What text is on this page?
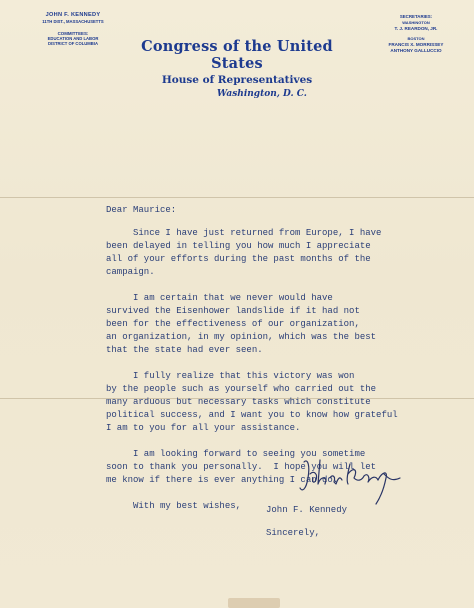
JOHN F. KENNEDY
11TH DIST., MASSACHUSETTS
COMMITTEES:
EDUCATION AND LABOR
DISTRICT OF COLUMBIA	Congress of the United States
House of Representatives
Washington, D. C.
SECRETARIES:
WASHINGTON
T. J. REARDON, JR.
BOSTON
FRANCIS X. MORRISSEY
ANTHONY GALLUCCIO
Dear Maurice:
Since I have just returned from Europe, I have
been delayed in telling you how much I appreciate
all of your efforts during the past months of the
campaign.
I am certain that we never would have
survived the Eisenhower landslide if it had not
been for the effectiveness of our organization,
an organization, in my opinion, which was the best
that the state had ever seen.
I fully realize that this victory was won
by the people such as yourself who carried out the
many arduous but necessary tasks which constitute
political success, and I want you to know how grateful
I am to you for all your assistance.
I am looking forward to seeing you sometime
soon to thank you personally.  I hope you will let
me know if there is ever anything I can do.
With my best wishes,
Sincerely,
John F. Kennedy
